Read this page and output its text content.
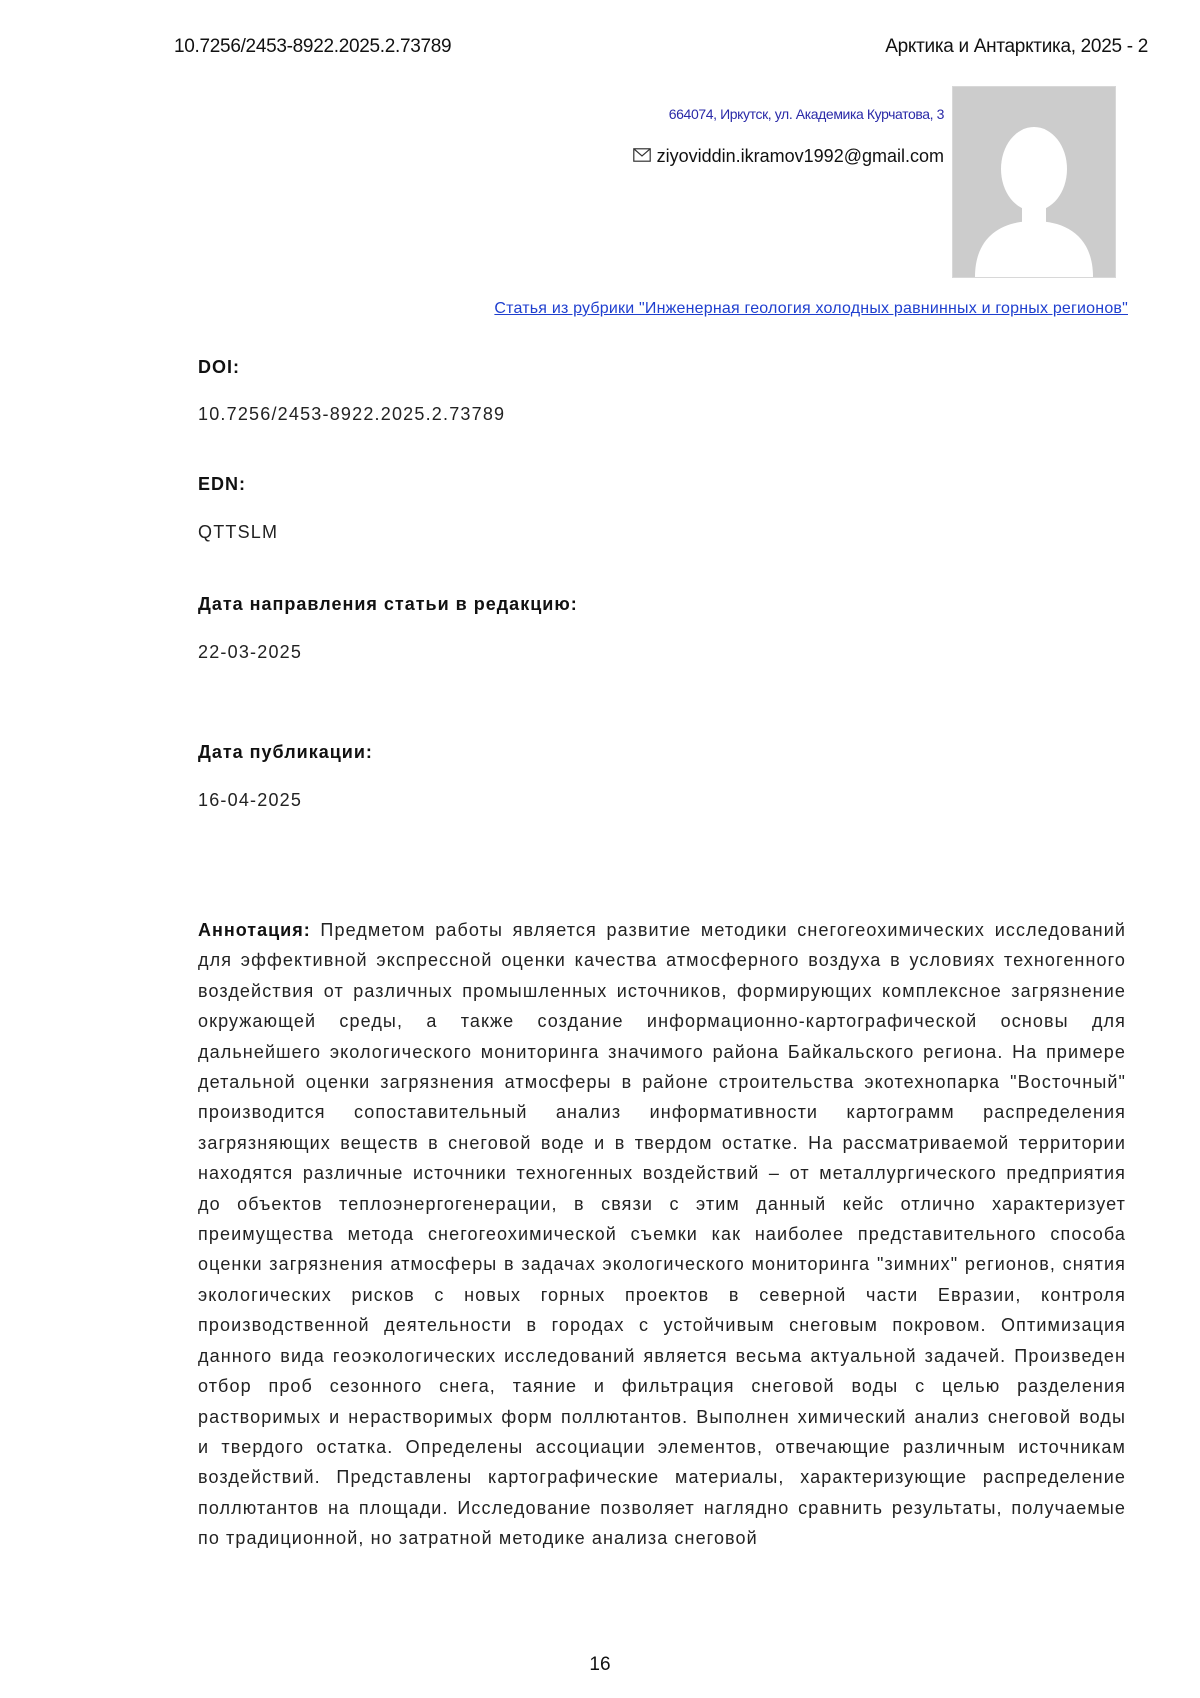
10.7256/2453-8922.2025.2.73789	Арктика и Антарктика, 2025 - 2
664074, Иркутск, ул. Академика Курчатова, 3
ziyoviddin.ikramov1992@gmail.com
Статья из рубрики "Инженерная геология холодных равнинных и горных регионов"
DOI:
10.7256/2453-8922.2025.2.73789
EDN:
QTTSLM
Дата направления статьи в редакцию:
22-03-2025
Дата публикации:
16-04-2025

Аннотация: Предметом работы является развитие методики снегогеохимических исследований для эффективной экспрессной оценки качества атмосферного воздуха в условиях техногенного воздействия от различных промышленных источников, формирующих комплексное загрязнение окружающей среды, а также создание информационно-картографической основы для дальнейшего экологического мониторинга значимого района Байкальского региона. На примере детальной оценки загрязнения атмосферы в районе строительства экотехнопарка "Восточный" производится сопоставительный анализ информативности картограмм распределения загрязняющих веществ в снеговой воде и в твердом остатке. На рассматриваемой территории находятся различные источники техногенных воздействий – от металлургического предприятия до объектов теплоэнергогенерации, в связи с этим данный кейс отлично характеризует преимущества метода снегогеохимической съемки как наиболее представительного способа оценки загрязнения атмосферы в задачах экологического мониторинга "зимних" регионов, снятия экологических рисков с новых горных проектов в северной части Евразии, контроля производственной деятельности в городах с устойчивым снеговым покровом. Оптимизация данного вида геоэкологических исследований является весьма актуальной задачей. Произведен отбор проб сезонного снега, таяние и фильтрация снеговой воды с целью разделения растворимых и нерастворимых форм поллютантов. Выполнен химический анализ снеговой воды и твердого остатка. Определены ассоциации элементов, отвечающие различным источникам воздействий. Представлены картографические материалы, характеризующие распределение поллютантов на площади. Исследование позволяет наглядно сравнить результаты, получаемые по традиционной, но затратной методике анализа снеговой

16
